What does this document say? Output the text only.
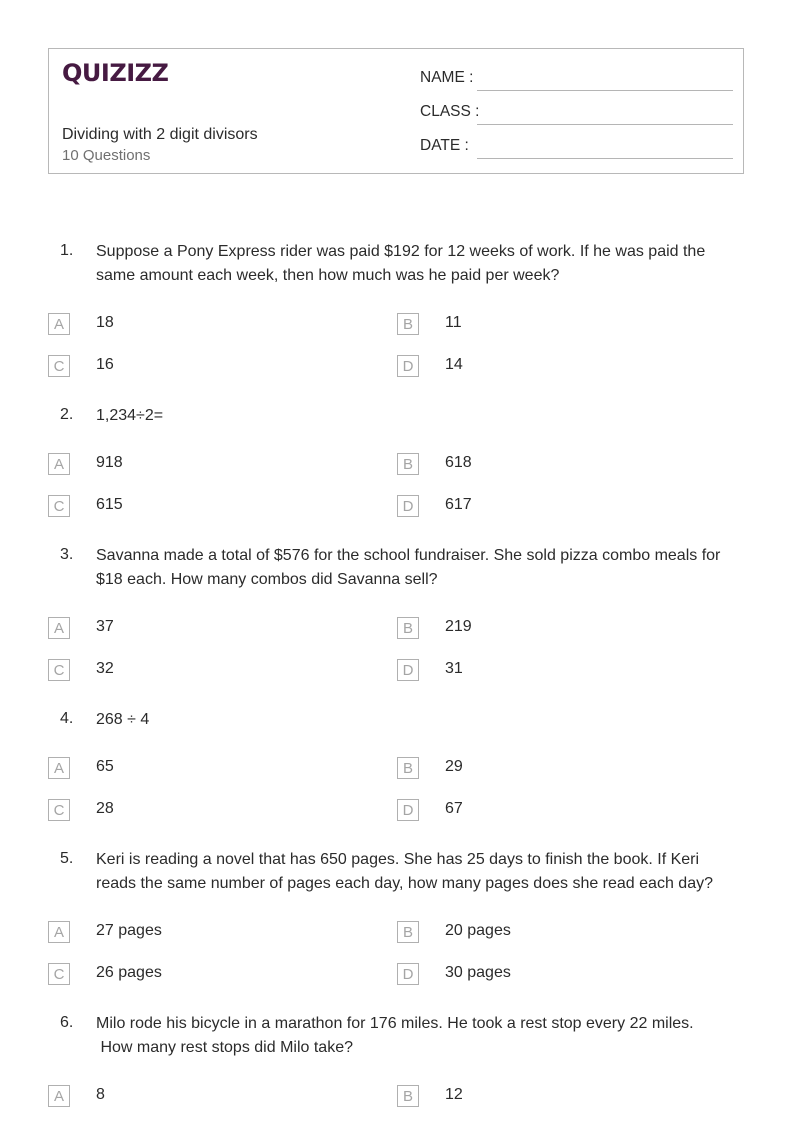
QUIZIZZ
Dividing with 2 digit divisors
10 Questions
NAME :
CLASS :
DATE :
1. Suppose a Pony Express rider was paid $192 for 12 weeks of work. If he was paid the
same amount each week, then how much was he paid per week?
A	18	B	11
C	16	D	14
2. 1,234÷2=
A	918	B	618
C	615	D	617
3. Savanna made a total of $576 for the school fundraiser. She sold pizza combo meals for
$18 each. How many combos did Savanna sell?
A	37	B	219
C	32	D	31
4. 268 ÷ 4
A	65	B	29
C	28	D	67
5. Keri is reading a novel that has 650 pages. She has 25 days to finish the book. If Keri
reads the same number of pages each day, how many pages does she read each day?
A	27 pages	B	20 pages
C	26 pages	D	30 pages
6. Milo rode his bicycle in a marathon for 176 miles. He took a rest stop every 22 miles.
How many rest stops did Milo take?
A	8	B	12
